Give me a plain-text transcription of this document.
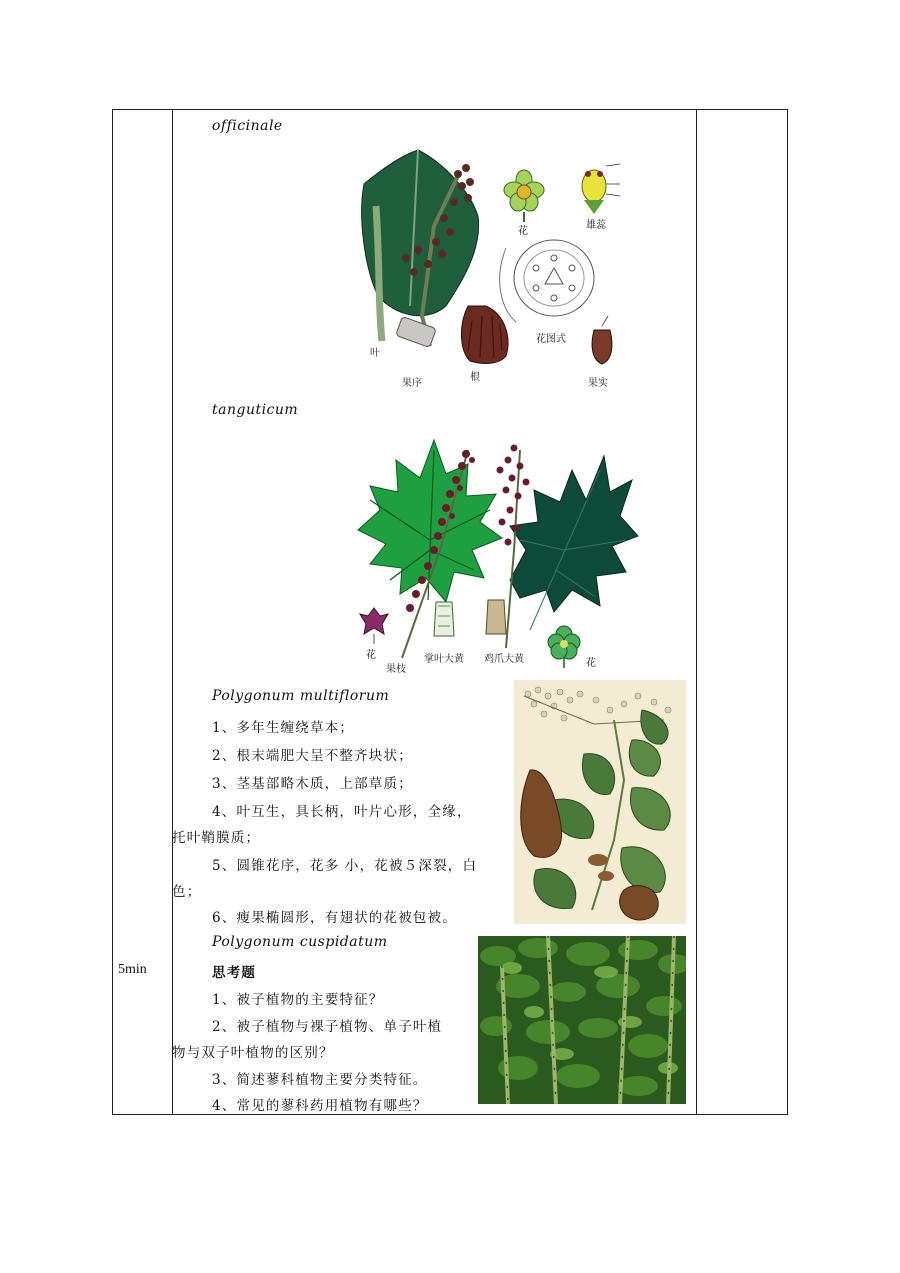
5min
officinale
雄蕊
花
花图式
叶
果序
根
果实
tanguticum
花
果枝
掌叶大黄 鸡爪大黄	花
Polygonum multiflorum
1、多年生缠绕草本；
2、根末端肥大呈不整齐块状；
3、茎基部略木质，上部草质；
4、叶互生，具长柄，叶片心形，全缘，
托叶鞘膜质；
5、圆锥花序，花多 小，花被５深裂，白
色；
6、瘦果椭圆形，有翅状的花被包被。
Polygonum cuspidatum
思考题
1、被子植物的主要特征？
2、被子植物与裸子植物、单子叶植
物与双子叶植物的区别？
3、简述蓼科植物主要分类特征。
4、常见的蓼科药用植物有哪些？
